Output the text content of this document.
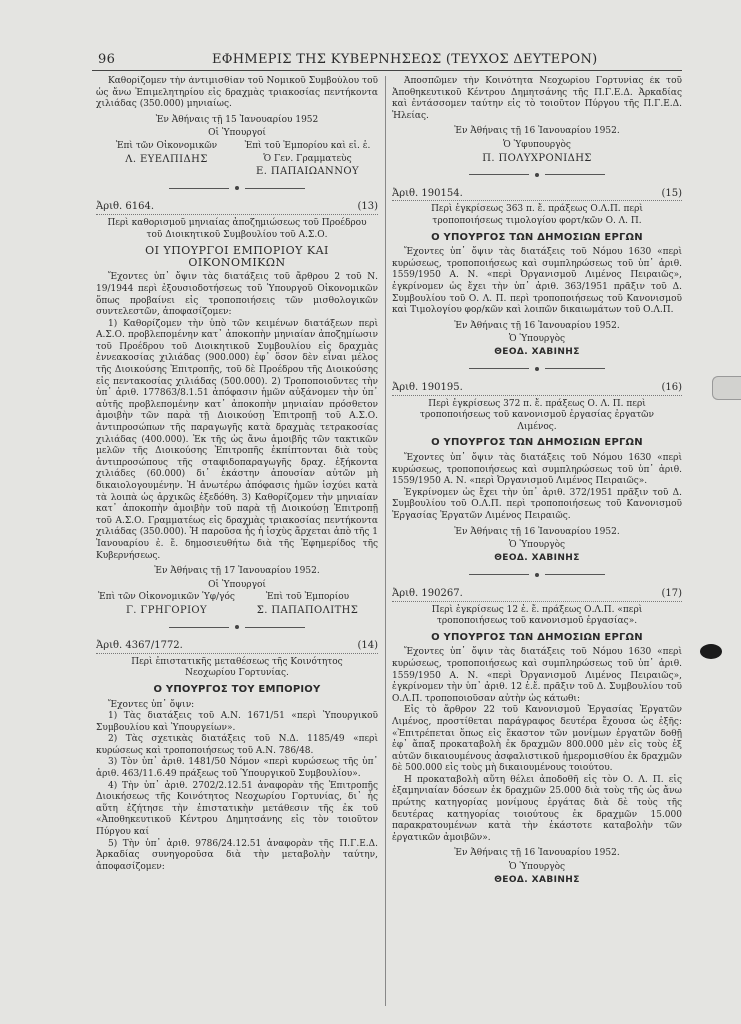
96	ΕΦΗΜΕΡΙΣ ΤΗΣ ΚΥΒΕΡΝΗΣΕΩΣ (ΤΕΥΧΟΣ ΔΕΥΤΕΡΟΝ)

Καθορίζομεν τὴν ἀντιμισθίαν τοῦ Νομικοῦ Συμβούλου τοῦ ὡς ἄνω Ἐπιμελητηρίου εἰς δραχμὰς τριακοσίας πεντήκοντα χιλιάδας (350.000) μηνιαίως.

Ἐν Ἀθήναις τῇ 15 Ἰανουαρίου 1952

Οἱ Ὑπουργοί

Ἐπὶ τῶν Οἰκονομικῶν	Ἐπὶ τοῦ Ἐμπορίου καὶ εἰ. ἑ.
Λ. ΕΥΕΛΠΙΔΗΣ	Ὁ Γεν. Γραμματεὺς
Ε. ΠΑΠΑΙΩΑΝΝΟΥ
Ἀριθ. 6164.	(13)

Περὶ καθορισμοῦ μηνιαίας ἀποζημιώσεως τοῦ Προέδρου τοῦ Διοικητικοῦ Συμβουλίου τοῦ Α.Σ.Ο.

ΟΙ ΥΠΟΥΡΓΟΙ ΕΜΠΟΡΙΟΥ ΚΑΙ ΟΙΚΟΝΟΜΙΚΩΝ

Ἔχοντες ὑπ᾽ ὄψιν τὰς διατάξεις τοῦ ἄρθρου 2 τοῦ Ν. 19/1944 περὶ ἐξουσιοδοτήσεως τοῦ Ὑπουργοῦ Οἰκονομικῶν ὅπως προβαίνει εἰς τροποποιήσεις τῶν μισθολογικῶν συντελεστῶν, ἀποφασίζομεν:

1) Καθορίζομεν τὴν ὑπὸ τῶν κειμένων διατάξεων περὶ Α.Σ.Ο. προβλεπομένην κατ᾽ ἀποκοπὴν μηνιαίαν ἀποζημίωσιν τοῦ Προέδρου τοῦ Διοικητικοῦ Συμβουλίου εἰς δραχμὰς ἐννεακοσίας χιλιάδας (900.000) ἐφ᾽ ὅσον δὲν εἶναι μέλος τῆς Διοικούσης Ἐπιτροπῆς, τοῦ δὲ Προέδρου τῆς Διοικούσης εἰς πεντακοσίας χιλιάδας (500.000). 2) Τροποποιοῦντες τὴν ὑπ᾽ ἀριθ. 177863/8.1.51 ἀπόφασιν ἡμῶν αὐξάνομεν τὴν ὑπ᾽ αὐτῆς προβλεπομένην κατ᾽ ἀποκοπὴν μηνιαίαν πρόσθετον ἀμοιβὴν τῶν παρὰ τῇ Διοικούσῃ Ἐπιτροπῇ τοῦ Α.Σ.Ο. ἀντιπροσώπων τῆς παραγωγῆς κατὰ δραχμὰς τετρακοσίας χιλιάδας (400.000). Ἐκ τῆς ὡς ἄνω ἀμοιβῆς τῶν τακτικῶν μελῶν τῆς Διοικούσης Ἐπιτροπῆς ἐκπίπτονται διὰ τοὺς ἀντιπροσώπους τῆς σταφιδοπαραγωγῆς δραχ. ἑξήκοντα χιλιάδες (60.000) δι᾽ ἑκάστην ἀπουσίαν αὐτῶν μὴ δικαιολογουμένην. Ἡ ἀνωτέρω ἀπόφασις ἡμῶν ἰσχύει κατὰ τὰ λοιπὰ ὡς ἀρχικῶς ἐξεδόθη. 3) Καθορίζομεν τὴν μηνιαίαν κατ᾽ ἀποκοπὴν ἀμοιβὴν τοῦ παρὰ τῇ Διοικούσῃ Ἐπιτροπῇ τοῦ Α.Σ.Ο. Γραμματέως εἰς δραχμὰς τριακοσίας πεντήκοντα χιλιάδας (350.000). Ἡ παροῦσα ἧς ἡ ἰσχὺς ἄρχεται ἀπὸ τῆς 1 Ἰανουαρίου ἐ. ἔ. δημοσιευθήτω διὰ τῆς Ἐφημερίδος τῆς Κυβερνήσεως.

Ἐν Ἀθήναις τῇ 17 Ἰανουαρίου 1952.

Οἱ Ὑπουργοί

Ἐπὶ τῶν Οἰκονομικῶν Ὑφ/γός	Ἐπὶ τοῦ Ἐμπορίου
Γ. ΓΡΗΓΟΡΙΟΥ	Σ. ΠΑΠΑΠΟΛΙΤΗΣ
Ἀριθ. 4367/1772.	(14)

Περὶ ἐπιστατικῆς μεταθέσεως τῆς Κοινότητος Νεοχωρίου Γορτυνίας.

Ο ΥΠΟΥΡΓΟΣ ΤΟΥ ΕΜΠΟΡΙΟΥ

Ἔχοντες ὑπ᾽ ὄψιν:

1) Τὰς διατάξεις τοῦ Α.Ν. 1671/51 «περὶ Ὑπουργικοῦ Συμβουλίου καὶ Ὑπουργείων».

2) Τὰς σχετικὰς διατάξεις τοῦ Ν.Δ. 1185/49 «περὶ κυρώσεως καὶ τροποποιήσεως τοῦ Α.Ν. 786/48.

3) Τὸν ὑπ᾽ ἀριθ. 1481/50 Νόμον «περὶ κυρώσεως τῆς ὑπ᾽ ἀριθ. 463/11.6.49 πράξεως τοῦ Ὑπουργικοῦ Συμβουλίου».

4) Τὴν ὑπ᾽ ἀριθ. 2702/2.12.51 ἀναφορὰν τῆς Ἐπιτροπῆς Διοικήσεως τῆς Κοινότητος Νεοχωρίου Γορτυνίας, δι᾽ ἧς αὕτη ἐζήτησε τὴν ἐπιστατικὴν μετάθεσιν τῆς ἐκ τοῦ «Ἀποθηκευτικοῦ Κέντρου Δημητσάνης εἰς τὸν τοιοῦτον Πύργου καί

5) Τὴν ὑπ᾽ ἀριθ. 9786/24.12.51 ἀναφορὰν τῆς Π.Γ.Ε.Δ. Ἀρκαδίας συνηγοροῦσα διὰ τὴν μεταβολὴν ταύτην, ἀποφασίζομεν:

Ἀποσπῶμεν τὴν Κοινότητα Νεοχωρίου Γορτυνίας ἐκ τοῦ Ἀποθηκευτικοῦ Κέντρου Δημητσάνης τῆς Π.Γ.Ε.Δ. Ἀρκαδίας καὶ ἐντάσσομεν ταύτην εἰς τὸ τοιοῦτον Πύργου τῆς Π.Γ.Ε.Δ. Ἠλείας.

Ἐν Ἀθήναις τῇ 16 Ἰανουαρίου 1952.

Ὁ Ὑφυπουργὸς

Π. ΠΟΛΥΧΡΟΝΙΔΗΣ

Ἀριθ. 190154.	(15)

Περὶ ἐγκρίσεως 363 π. ἔ. πράξεως Ο.Λ.Π. περὶ τροποποιήσεως τιμολογίου φορτ/κῶν Ο. Λ. Π.

Ο ΥΠΟΥΡΓΟΣ ΤΩΝ ΔΗΜΟΣΙΩΝ ΕΡΓΩΝ

Ἔχοντες ὑπ᾽ ὄψιν τὰς διατάξεις τοῦ Νόμου 1630 «περὶ κυρώσεως, τροποποιήσεως καὶ συμπληρώσεως τοῦ ὑπ᾽ ἀριθ. 1559/1950 Α. Ν. «περὶ Ὀργανισμοῦ Λιμένος Πειραιῶς», ἐγκρίνομεν ὡς ἔχει τὴν ὑπ᾽ ἀριθ. 363/1951 πρᾶξιν τοῦ Δ. Συμβουλίου τοῦ Ο. Λ. Π. περὶ τροποποιήσεως τοῦ Κανονισμοῦ καὶ Τιμολογίου φορ/κῶν καὶ λοιπῶν δικαιωμάτων τοῦ Ο.Λ.Π.

Ἐν Ἀθήναις τῇ 16 Ἰανουαρίου 1952.

Ὁ Ὑπουργὸς

ΘΕΟΔ. ΧΑΒΙΝΗΣ

Ἀριθ. 190195.	(16)

Περὶ ἐγκρίσεως 372 π. ἔ. πράξεως Ο. Λ. Π. περὶ τροποποιήσεως τοῦ κανονισμοῦ ἐργασίας ἐργατῶν Λιμένος.

Ο ΥΠΟΥΡΓΟΣ ΤΩΝ ΔΗΜΟΣΙΩΝ ΕΡΓΩΝ

Ἔχοντες ὑπ᾽ ὄψιν τὰς διατάξεις τοῦ Νόμου 1630 «περὶ κυρώσεως, τροποποιήσεως καὶ συμπληρώσεως τοῦ ὑπ᾽ ἀριθ. 1559/1950 Α. Ν. «περὶ Ὀργανισμοῦ Λιμένος Πειραιῶς».

Ἐγκρίνομεν ὡς ἔχει τὴν ὑπ᾽ ἀριθ. 372/1951 πρᾶξιν τοῦ Δ. Συμβουλίου τοῦ Ο.Λ.Π. περὶ τροποποιήσεως τοῦ Κανονισμοῦ Ἐργασίας Ἐργατῶν Λιμένος Πειραιῶς.

Ἐν Ἀθήναις τῇ 16 Ἰανουαρίου 1952.

Ὁ Ὑπουργὸς

ΘΕΟΔ. ΧΑΒΙΝΗΣ

Ἀριθ. 190267.	(17)

Περὶ ἐγκρίσεως 12 ἐ. ἔ. πράξεως Ο.Λ.Π. «περὶ τροποποιήσεως τοῦ κανονισμοῦ ἐργασίας».

Ο ΥΠΟΥΡΓΟΣ ΤΩΝ ΔΗΜΟΣΙΩΝ ΕΡΓΩΝ

Ἔχοντες ὑπ᾽ ὄψιν τὰς διατάξεις τοῦ Νόμου 1630 «περὶ κυρώσεως, τροποποιήσεως καὶ συμπληρώσεως τοῦ ὑπ᾽ ἀριθ. 1559/1950 Α. Ν. «περὶ Ὀργανισμοῦ Λιμένος Πειραιῶς», ἐγκρίνομεν τὴν ὑπ᾽ ἀριθ. 12 ἐ.ἔ. πρᾶξιν τοῦ Δ. Συμβουλίου τοῦ Ο.Λ.Π. τροποποιοῦσαν αὐτὴν ὡς κάτωθι:

Εἰς τὸ ἄρθρον 22 τοῦ Κανονισμοῦ Ἐργασίας Ἐργατῶν Λιμένος, προστίθεται παράγραφος δευτέρα ἔχουσα ὡς ἑξῆς: «Ἐπιτρέπεται ὅπως εἰς ἕκαστον τῶν μονίμων ἐργατῶν δοθῇ ἐφ᾽ ἅπαξ προκαταβολὴ ἐκ δραχμῶν 800.000 μὲν εἰς τοὺς ἐξ αὐτῶν δικαιουμένους ἀσφαλιστικοῦ ἡμερομισθίου ἐκ δραχμῶν δὲ 500.000 εἰς τοὺς μὴ δικαιουμένους τοιούτου.

Η προκαταβολὴ αὕτη θέλει ἀποδοθῆ εἰς τὸν Ο. Λ. Π. εἰς ἑξαμηνιαίαν δόσεων ἐκ δραχμῶν 25.000 διὰ τοὺς τῆς ὡς ἄνω πρώτης κατηγορίας μονίμους ἐργάτας διὰ δὲ τοὺς τῆς δευτέρας κατηγορίας τοιούτους ἐκ δραχμῶν 15.000 παρακρατουμένων κατὰ τὴν ἑκάστοτε καταβολὴν τῶν ἐργατικῶν ἀμοιβῶν».

Ἐν Ἀθήναις τῇ 16 Ἰανουαρίου 1952.

Ὁ Ὑπουργὸς

ΘΕΟΔ. ΧΑΒΙΝΗΣ
